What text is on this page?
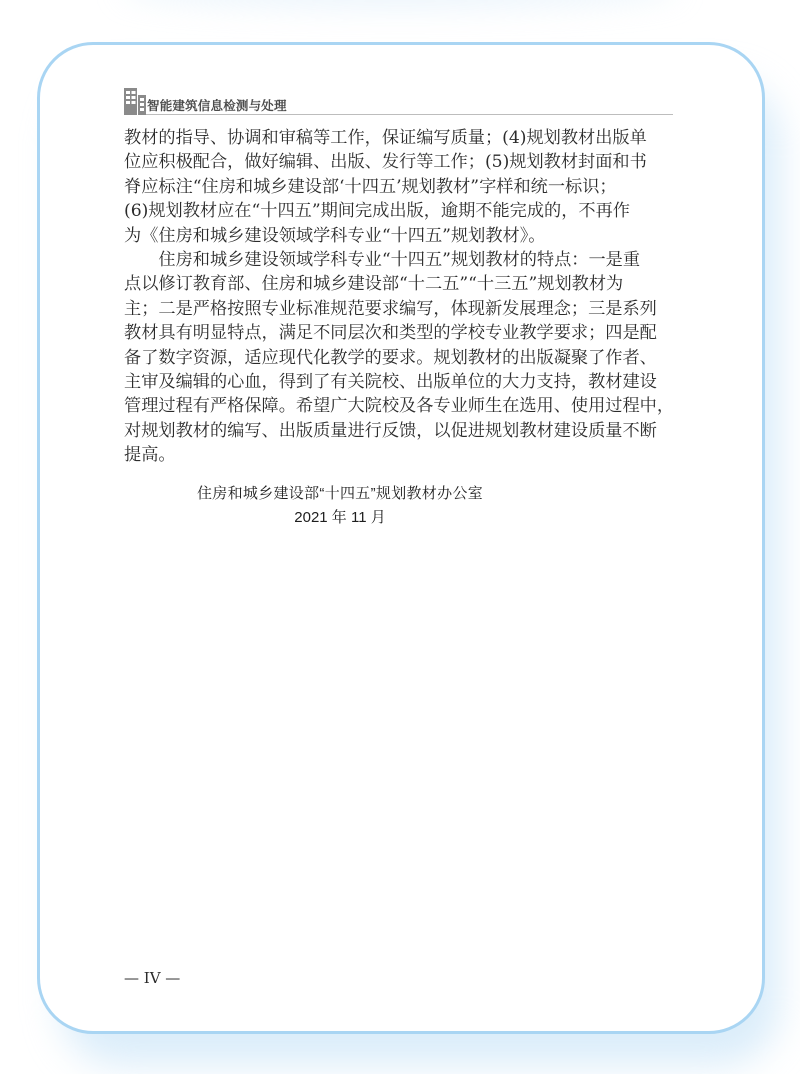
智能建筑信息检测与处理

教材的指导、协调和审稿等工作，保证编写质量；(4)规划教材出版单
位应积极配合，做好编辑、出版、发行等工作；(5)规划教材封面和书
脊应标注“住房和城乡建设部‘十四五’规划教材”字样和统一标识；
(6)规划教材应在“十四五”期间完成出版，逾期不能完成的，不再作
为《住房和城乡建设领域学科专业“十四五”规划教材》。

住房和城乡建设领域学科专业“十四五”规划教材的特点：一是重
点以修订教育部、住房和城乡建设部“十二五”“十三五”规划教材为
主；二是严格按照专业标准规范要求编写，体现新发展理念；三是系列
教材具有明显特点，满足不同层次和类型的学校专业教学要求；四是配
备了数字资源，适应现代化教学的要求。规划教材的出版凝聚了作者、
主审及编辑的心血，得到了有关院校、出版单位的大力支持，教材建设
管理过程有严格保障。希望广大院校及各专业师生在选用、使用过程中，
对规划教材的编写、出版质量进行反馈，以促进规划教材建设质量不断
提高。

住房和城乡建设部“十四五”规划教材办公室
2021 年 11 月
— IV —
